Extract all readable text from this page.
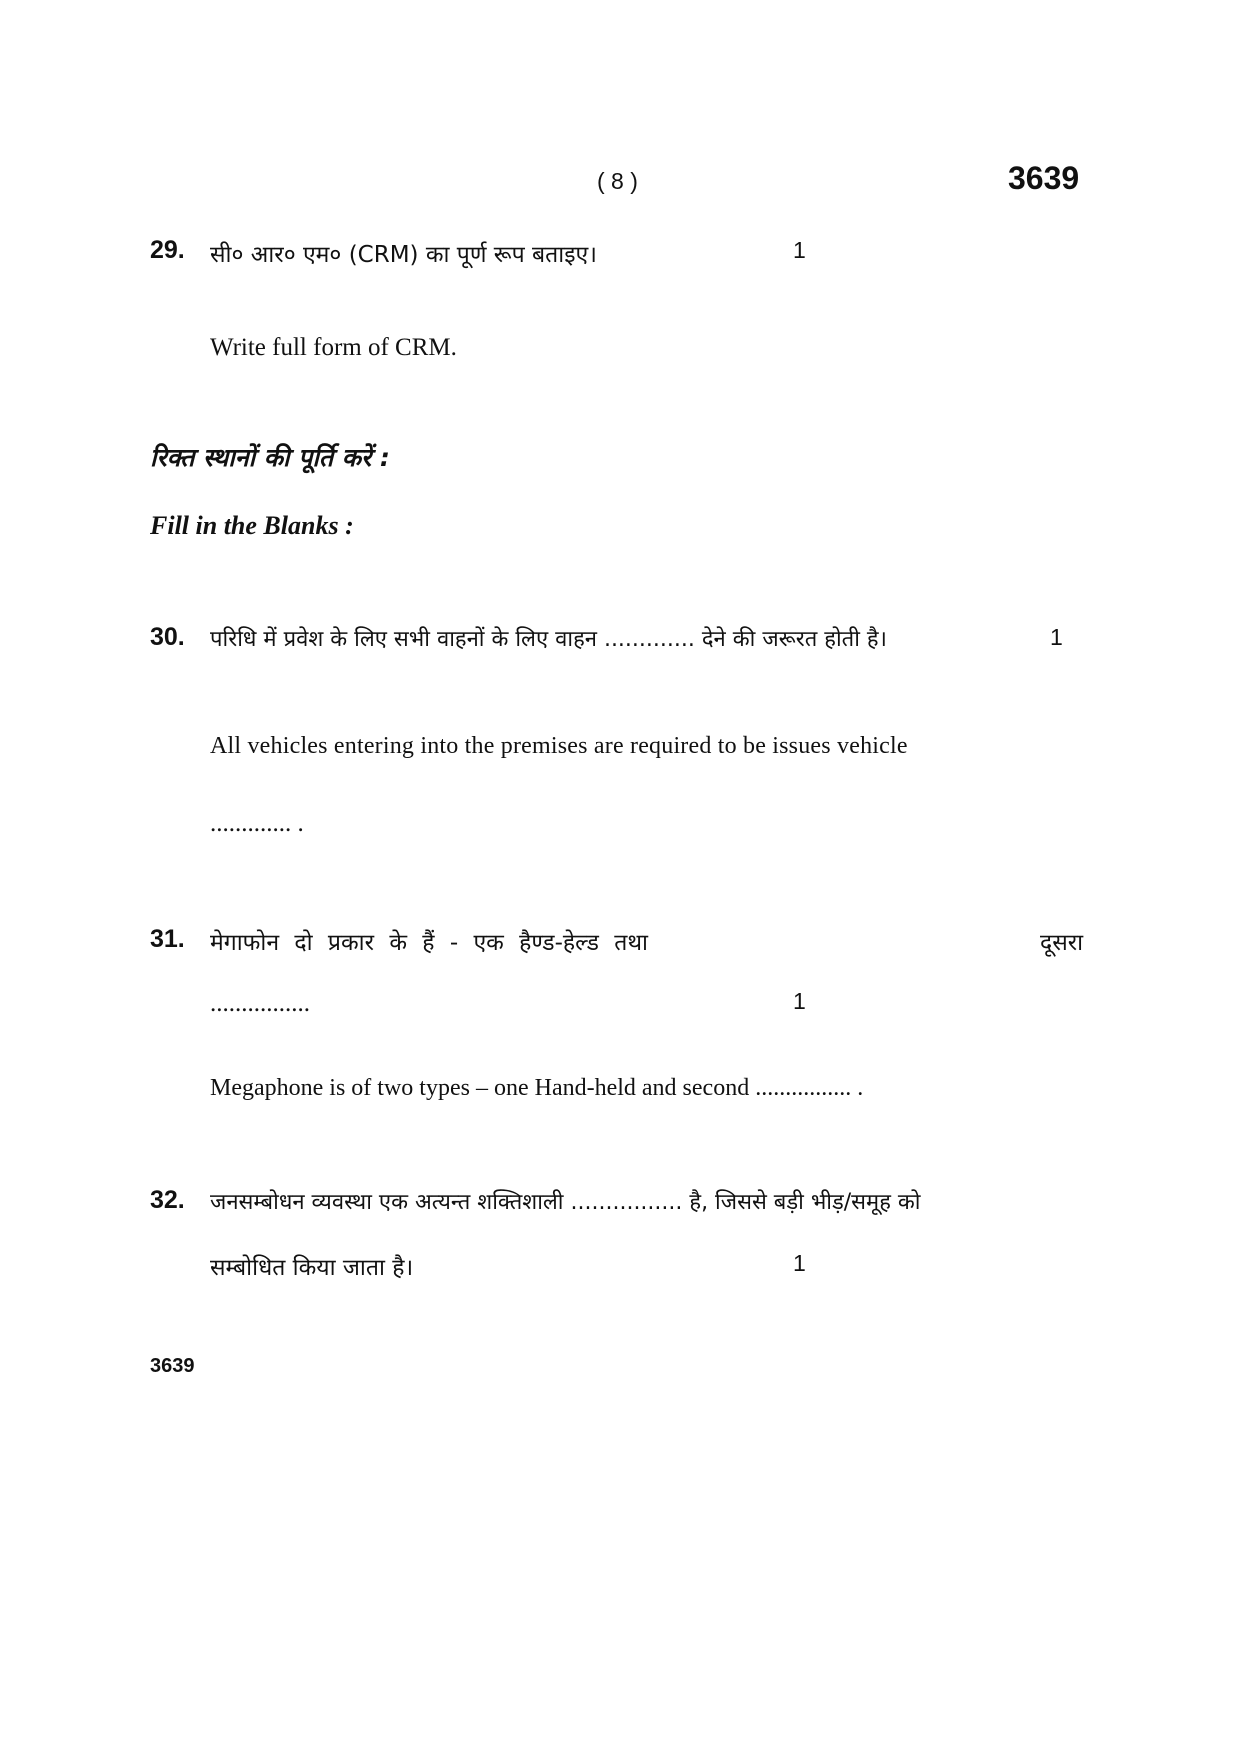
( 8 )	3639
29. सी० आर० एम० (CRM) का पूर्ण रूप बताइए।	1
Write full form of CRM.
रिक्त स्थानों की पूर्ति करें :
Fill in the Blanks :
30. परिधि में प्रवेश के लिए सभी वाहनों के लिए वाहन ............. देने की जरूरत होती है।	1
All vehicles entering into the premises are required to be issues vehicle
............. .
31. मेगाफोन दो प्रकार के हैं - एक हैण्ड-हेल्ड तथा	दूसरा
................	1
Megaphone is of two types – one Hand-held and second ................ .
32. जनसम्बोधन व्यवस्था एक अत्यन्त शक्तिशाली ................ है, जिससे बड़ी भीड़/समूह को
सम्बोधित किया जाता है।	1
3639
